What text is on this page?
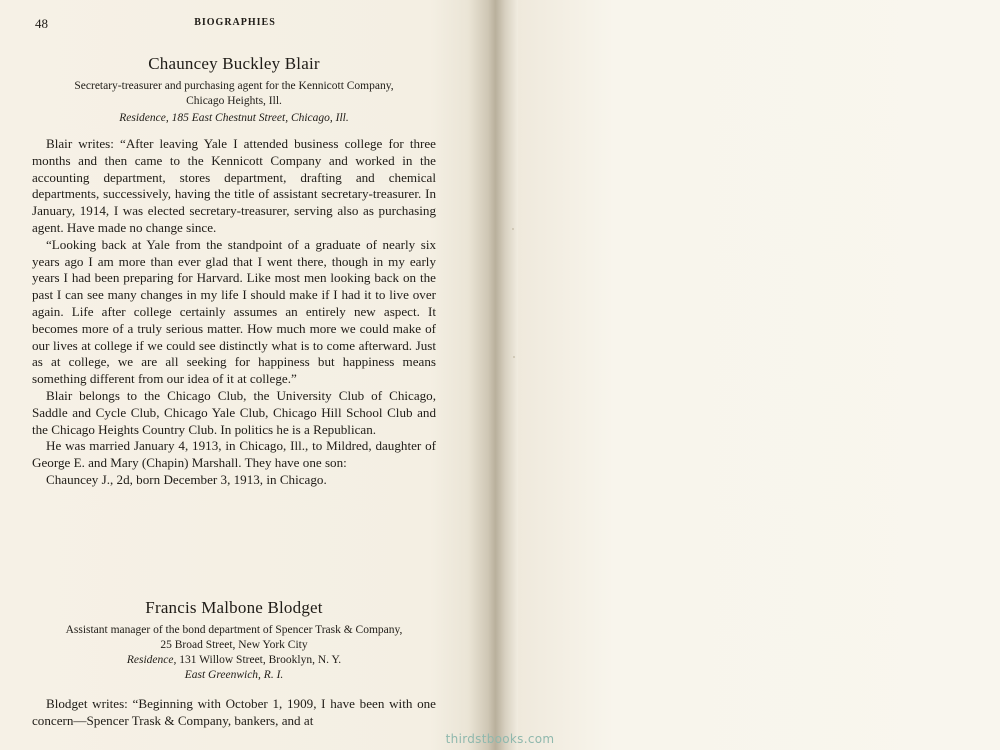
48	BIOGRAPHIES
Chauncey Buckley Blair
Secretary-treasurer and purchasing agent for the Kennicott Company,
Chicago Heights, Ill.
Residence, 185 East Chestnut Street, Chicago, Ill.

Blair writes: “After leaving Yale I attended business college for three months and then came to the Kennicott Company and worked in the accounting department, stores department, drafting and chemical departments, successively, having the title of assistant secretary-treasurer. In January, 1914, I was elected secretary-treasurer, serving also as purchasing agent. Have made no change since.

“Looking back at Yale from the standpoint of a graduate of nearly six years ago I am more than ever glad that I went there, though in my early years I had been preparing for Harvard. Like most men looking back on the past I can see many changes in my life I should make if I had it to live over again. Life after college certainly assumes an entirely new aspect. It becomes more of a truly serious matter. How much more we could make of our lives at college if we could see distinctly what is to come afterward. Just as at college, we are all seeking for happiness but happiness means something different from our idea of it at college.”

Blair belongs to the Chicago Club, the University Club of Chicago, Saddle and Cycle Club, Chicago Yale Club, Chicago Hill School Club and the Chicago Heights Country Club. In politics he is a Republican.

He was married January 4, 1913, in Chicago, Ill., to Mildred, daughter of George E. and Mary (Chapin) Marshall. They have one son:

Chauncey J., 2d, born December 3, 1913, in Chicago.

Francis Malbone Blodget
Assistant manager of the bond department of Spencer Trask & Company,
25 Broad Street, New York City
Residence, 131 Willow Street, Brooklyn, N. Y.
East Greenwich, R. I.

Blodget writes: “Beginning with October 1, 1909, I have been with one concern—Spencer Trask & Company, bankers, and at

thirdstbooks.com
